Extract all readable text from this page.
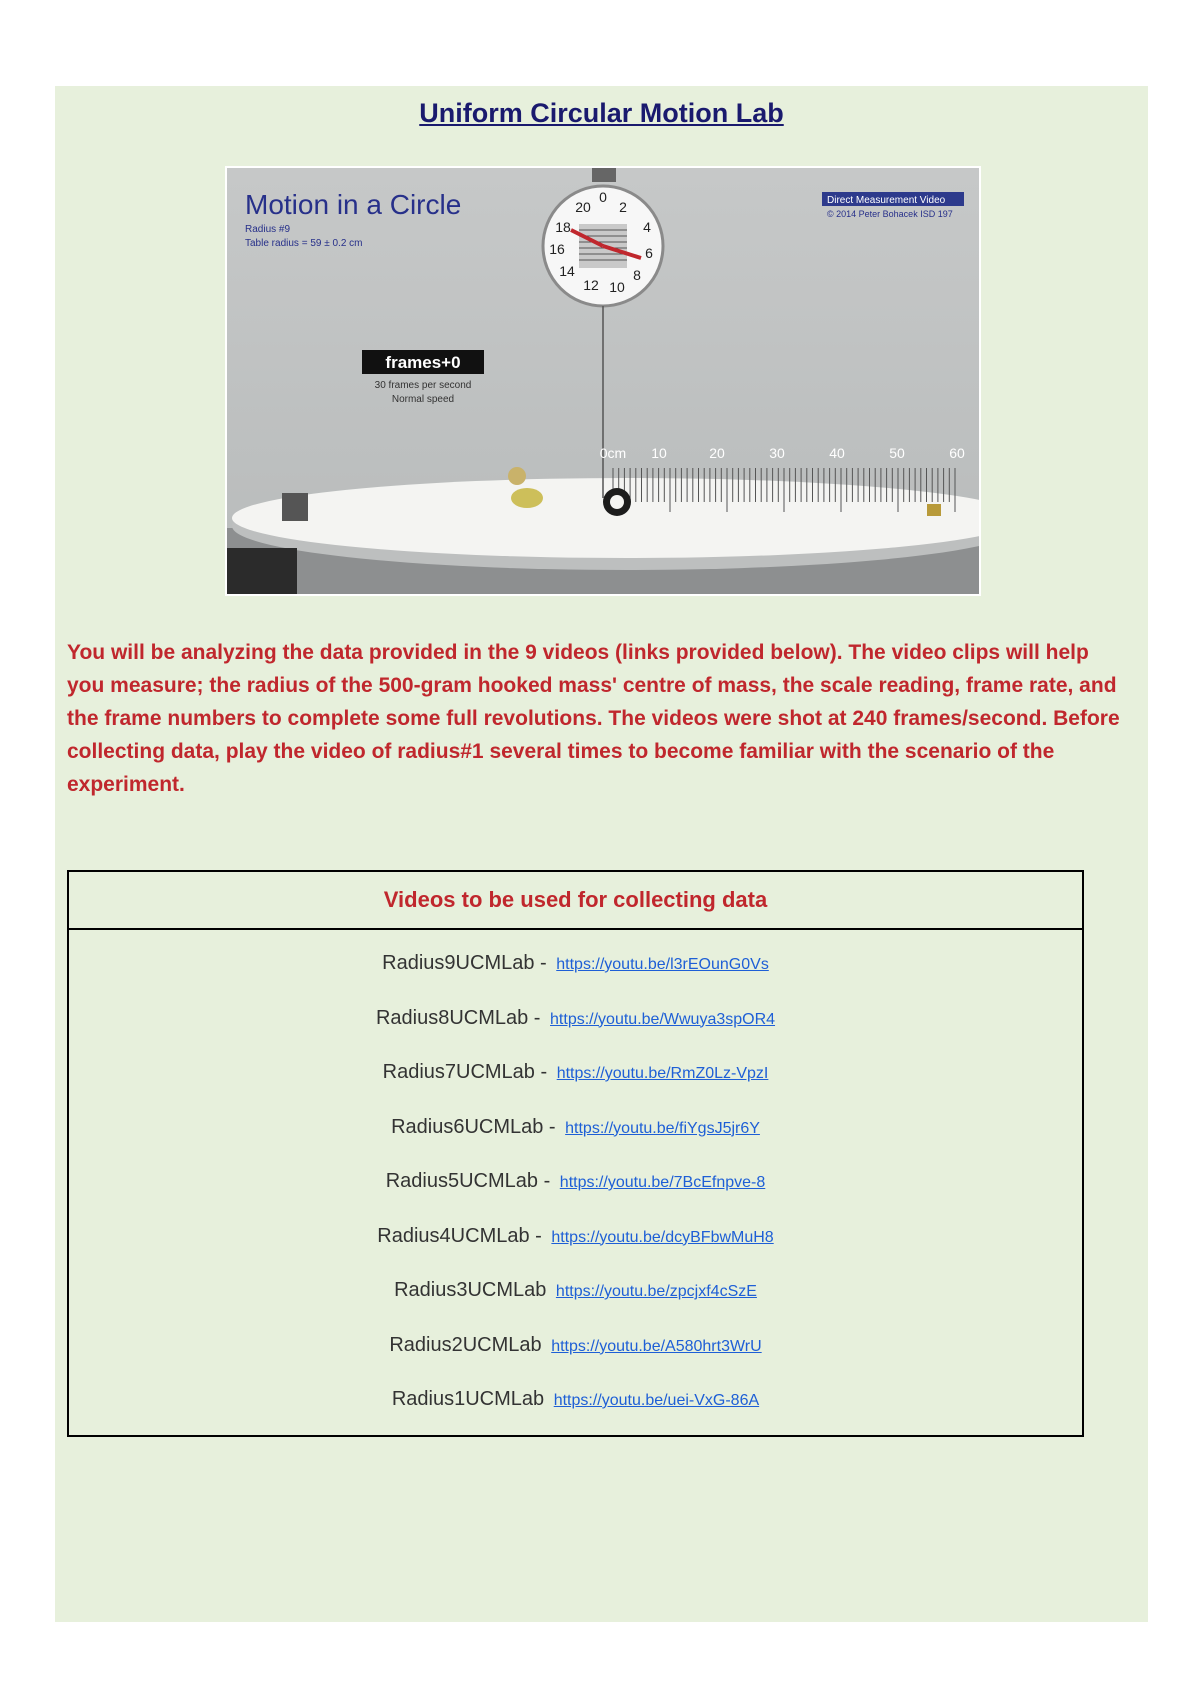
Uniform Circular Motion Lab
Motion in a Circle
Radius #9
Table radius = 59 ± 0.2 cm
Direct Measurement Video
© 2014 Peter Bohacek ISD 197
frames+0
30 frames per second
Normal speed
20 2
4
6
8
10
12
14
16
18
0
0cm 10	20	30	40	50	60
You will be analyzing the data provided in the 9 videos (links provided below). The video clips will help you measure; the radius of the 500-gram hooked mass' centre of mass, the scale reading, frame rate, and the frame numbers to complete some full revolutions. The videos were shot at 240 frames/second. Before collecting data, play the video of radius#1 several times to become familiar with the scenario of the experiment.
Videos to be used for collecting data
Radius9UCMLab - https://youtu.be/l3rEOunG0Vs
Radius8UCMLab - https://youtu.be/Wwuya3spOR4
Radius7UCMLab - https://youtu.be/RmZ0Lz-VpzI
Radius6UCMLab - https://youtu.be/fiYgsJ5jr6Y
Radius5UCMLab - https://youtu.be/7BcEfnpve-8
Radius4UCMLab - https://youtu.be/dcyBFbwMuH8
Radius3UCMLab https://youtu.be/zpcjxf4cSzE
Radius2UCMLab https://youtu.be/A580hrt3WrU
Radius1UCMLab https://youtu.be/uei-VxG-86A
